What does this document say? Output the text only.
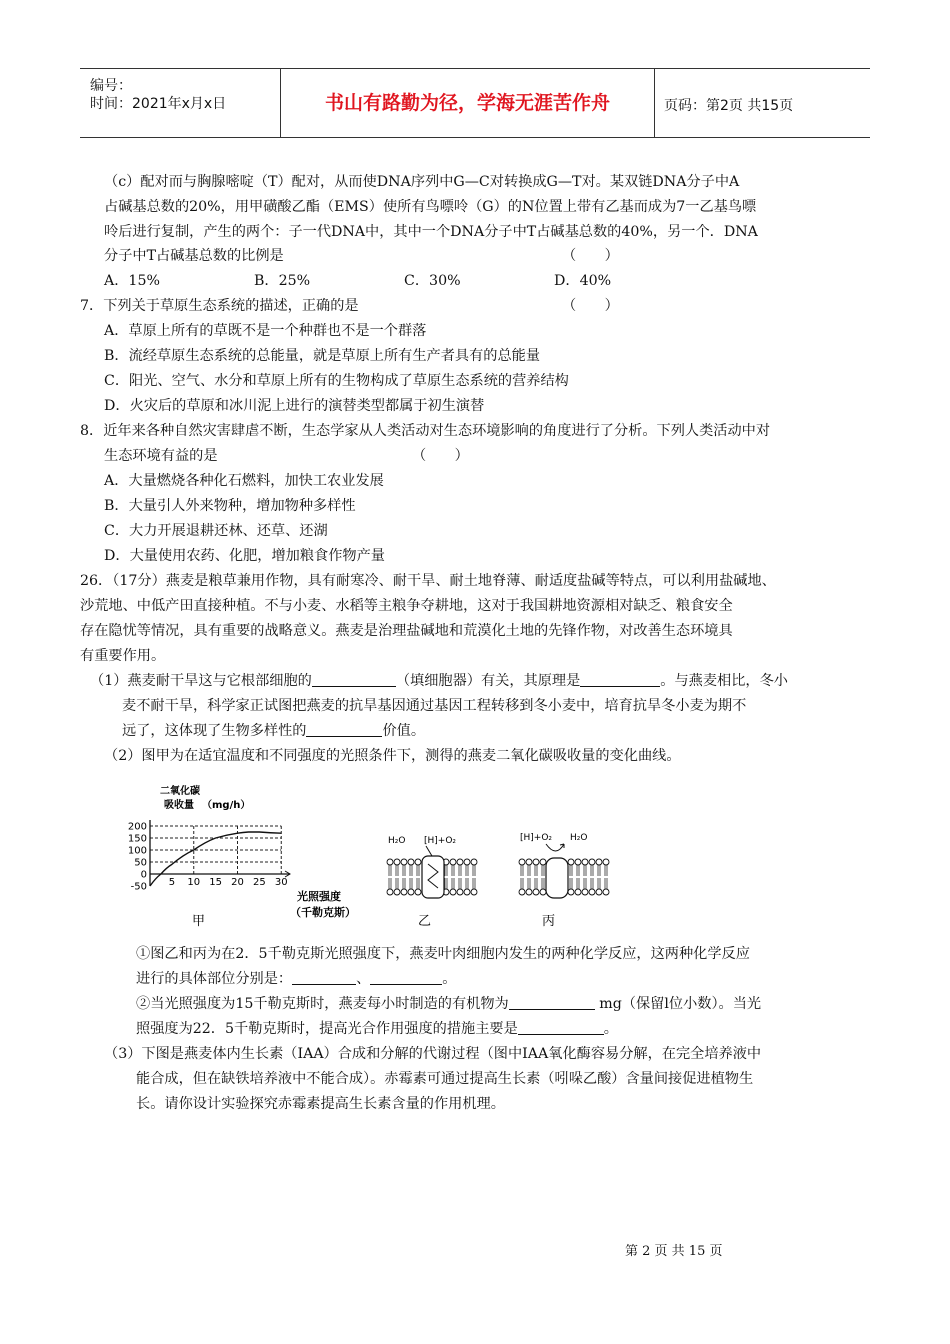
编号：
时间：2021年x月x日	书山有路勤为径，学海无涯苦作舟	页码：第2页 共15页
（c）配对而与胸腺嘧啶（T）配对，从而使DNA序列中G—C对转换成G—T对。某双链DNA分子中A
占碱基总数的20%，用甲磺酸乙酯（EMS）使所有鸟嘌呤（G）的N位置上带有乙基而成为7一乙基鸟嘌
呤后进行复制，产生的两个：子一代DNA中，其中一个DNA分子中T占碱基总数的40%，另一个．DNA
分子中T占碱基总数的比例是	（　　）
A．15%	B．25%	C．30%	D．40%
7．下列关于草原生态系统的描述，正确的是	（　　）
A．草原上所有的草既不是一个种群也不是一个群落
B．流经草原生态系统的总能量，就是草原上所有生产者具有的总能量
C．阳光、空气、水分和草原上所有的生物构成了草原生态系统的营养结构
D．火灾后的草原和冰川泥上进行的演替类型都属于初生演替
8．近年来各种自然灾害肆虐不断，生态学家从人类活动对生态环境影响的角度进行了分析。下列人类活动中对
生态环境有益的是	（　　）
A．大量燃烧各种化石燃料，加快工农业发展
B．大量引人外来物种，增加物种多样性
C．大力开展退耕还林、还草、还湖
D．大量使用农药、化肥，增加粮食作物产量
26．（17分）燕麦是粮草兼用作物，具有耐寒冷、耐干旱、耐土地脊薄、耐适度盐碱等特点，可以利用盐碱地、
沙荒地、中低产田直接种植。不与小麦、水稻等主粮争夺耕地，这对于我国耕地资源相对缺乏、粮食安全
存在隐忧等情况，具有重要的战略意义。燕麦是治理盐碱地和荒漠化土地的先锋作物，对改善生态环境具
有重要作用。
（1）燕麦耐干旱这与它根部细胞的	（填细胞器）有关，其原理是	。与燕麦相比，冬小
麦不耐干旱，科学家正试图把燕麦的抗旱基因通过基因工程转移到冬小麦中，培育抗旱冬小麦为期不
远了，这体现了生物多样性的	价值。
（2）图甲为在适宜温度和不同强度的光照条件下，测得的燕麦二氧化碳吸收量的变化曲线。
二氧化碳
吸收量 （mg/h）
200
150
100
50
0
-50 5 10 15 20 25 30
光照强度
（千勒克斯）
甲
H₂O [H]+O₂
乙
[H]+O₂ H₂O
丙
①图乙和丙为在2．5千勒克斯光照强度下，燕麦叶肉细胞内发生的两种化学反应，这两种化学反应
进行的具体部位分别是：	、	。
②当光照强度为15千勒克斯时，燕麦每小时制造的有机物为	mg（保留l位小数）。当光
照强度为22．5千勒克斯时，提高光合作用强度的措施主要是	。
（3）下图是燕麦体内生长素（IAA）合成和分解的代谢过程（图中IAA氧化酶容易分解，在完全培养液中
能合成，但在缺铁培养液中不能合成）。赤霉素可通过提高生长素（吲哚乙酸）含量间接促进植物生
长。请你设计实验探究赤霉素提高生长素含量的作用机理。
第 2 页 共 15 页
